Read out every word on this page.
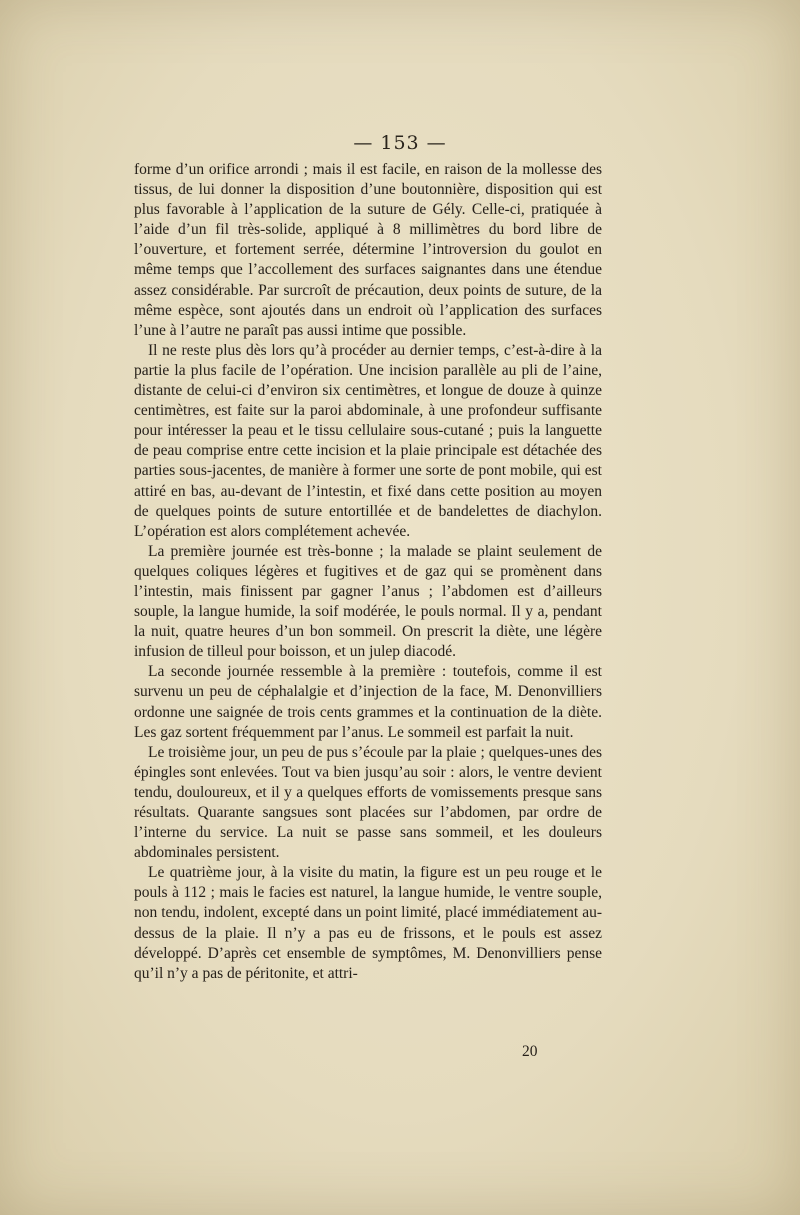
— 153 —

forme d’un orifice arrondi ; mais il est facile, en raison de la mollesse des tissus, de lui donner la disposition d’une boutonnière, disposition qui est plus favorable à l’application de la suture de Gély. Celle-ci, pratiquée à l’aide d’un fil très-solide, appliqué à 8 millimètres du bord libre de l’ouverture, et fortement serrée, détermine l’introversion du goulot en même temps que l’accollement des surfaces saignantes dans une étendue assez considérable. Par surcroît de précaution, deux points de suture, de la même espèce, sont ajoutés dans un endroit où l’application des surfaces l’une à l’autre ne paraît pas aussi intime que possible.

Il ne reste plus dès lors qu’à procéder au dernier temps, c’est-à-dire à la partie la plus facile de l’opération. Une incision parallèle au pli de l’aine, distante de celui-ci d’environ six centimètres, et longue de douze à quinze centimètres, est faite sur la paroi abdominale, à une profondeur suffisante pour intéresser la peau et le tissu cellulaire sous-cutané ; puis la languette de peau comprise entre cette incision et la plaie principale est détachée des parties sous-jacentes, de manière à former une sorte de pont mobile, qui est attiré en bas, au-devant de l’intestin, et fixé dans cette position au moyen de quelques points de suture entortillée et de bandelettes de diachylon. L’opération est alors complétement achevée.

La première journée est très-bonne ; la malade se plaint seulement de quelques coliques légères et fugitives et de gaz qui se promènent dans l’intestin, mais finissent par gagner l’anus ; l’abdomen est d’ailleurs souple, la langue humide, la soif modérée, le pouls normal. Il y a, pendant la nuit, quatre heures d’un bon sommeil. On prescrit la diète, une légère infusion de tilleul pour boisson, et un julep diacodé.

La seconde journée ressemble à la première : toutefois, comme il est survenu un peu de céphalalgie et d’injection de la face, M. Denonvilliers ordonne une saignée de trois cents grammes et la continuation de la diète. Les gaz sortent fréquemment par l’anus. Le sommeil est parfait la nuit.

Le troisième jour, un peu de pus s’écoule par la plaie ; quelques-unes des épingles sont enlevées. Tout va bien jusqu’au soir : alors, le ventre devient tendu, douloureux, et il y a quelques efforts de vomissements presque sans résultats. Quarante sangsues sont placées sur l’abdomen, par ordre de l’interne du service. La nuit se passe sans sommeil, et les douleurs abdominales persistent.

Le quatrième jour, à la visite du matin, la figure est un peu rouge et le pouls à 112 ; mais le facies est naturel, la langue humide, le ventre souple, non tendu, indolent, excepté dans un point limité, placé immédiatement au-dessus de la plaie. Il n’y a pas eu de frissons, et le pouls est assez développé. D’après cet ensemble de symptômes, M. Denonvilliers pense qu’il n’y a pas de péritonite, et attri-

20
